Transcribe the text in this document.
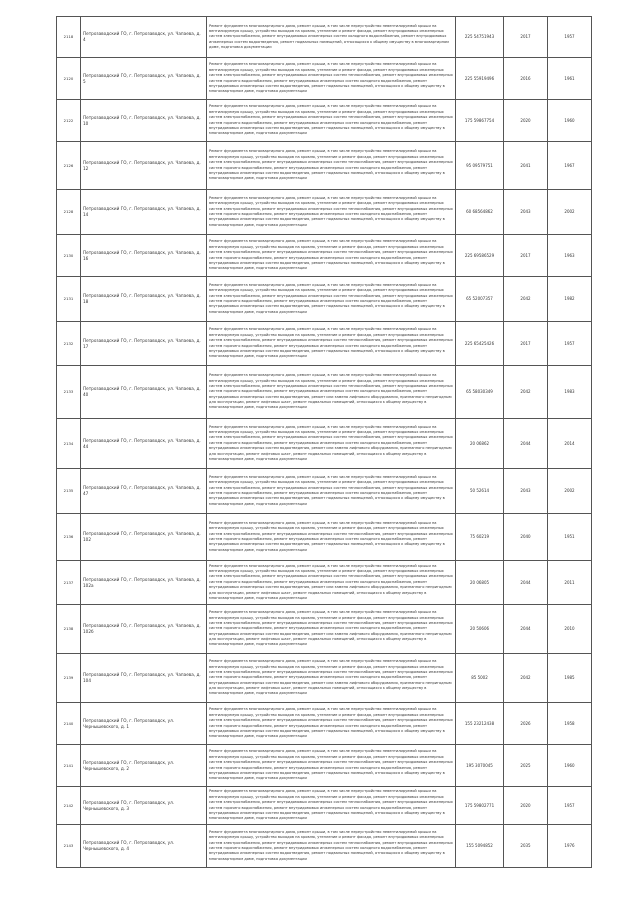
2118	Петрозаводский ГО, г. Петрозаводск, ул. Чапаева, д. 4	Ремонт фундамента многоквартирного дома, ремонт крыши, в том числе переустройство невентилируемой крыши на вентилируемую крышу, устройство выходов на кровлю, утепление и ремонт фасада, ремонт внутридомовых инженерных систем электроснабжения, ремонт внутридомовых инженерных систем холодного водоснабжения, ремонт внутридомовых инженерных систем водоотведения, ремонт подвальных помещений, относящихся к общему имуществу в многоквартирном доме, подготовка документации	225 54751943	2017	1957
2120	Петрозаводский ГО, г. Петрозаводск, ул. Чапаева, д. 5	Ремонт фундамента многоквартирного дома, ремонт крыши, в том числе переустройство невентилируемой крыши на вентилируемую крышу, устройство выходов на кровлю, утепление и ремонт фасада, ремонт внутридомовых инженерных систем электроснабжения, ремонт внутридомовых инженерных систем теплоснабжения, ремонт внутридомовых инженерных систем горячего водоснабжения, ремонт внутридомовых инженерных систем холодного водоснабжения, ремонт внутридомовых инженерных систем водоотведения, ремонт подвальных помещений, относящихся к общему имуществу в многоквартирном доме, подготовка документации	225 55919496	2016	1961
2122	Петрозаводский ГО, г. Петрозаводск, ул. Чапаева, д. 10	Ремонт фундамента многоквартирного дома, ремонт крыши, в том числе переустройство невентилируемой крыши на вентилируемую крышу, устройство выходов на кровлю, утепление и ремонт фасада, ремонт внутридомовых инженерных систем электроснабжения, ремонт внутридомовых инженерных систем теплоснабжения, ремонт внутридомовых инженерных систем горячего водоснабжения, ремонт внутридомовых инженерных систем холодного водоснабжения, ремонт внутридомовых инженерных систем водоотведения, ремонт подвальных помещений, относящихся к общему имуществу в многоквартирном доме, подготовка документации	175 59867754	2020	1960
2126	Петрозаводский ГО, г. Петрозаводск, ул. Чапаева, д. 12	Ремонт фундамента многоквартирного дома, ремонт крыши, в том числе переустройство невентилируемой крыши на вентилируемую крышу, устройство выходов на кровлю, утепление и ремонт фасада, ремонт внутридомовых инженерных систем электроснабжения, ремонт внутридомовых инженерных систем теплоснабжения, ремонт внутридомовых инженерных систем горячего водоснабжения, ремонт внутридомовых инженерных систем холодного водоснабжения, ремонт внутридомовых инженерных систем водоотведения, ремонт подвальных помещений, относящихся к общему имуществу в многоквартирном доме, подготовка документации	95 09579751	2041	1967
2128	Петрозаводский ГО, г. Петрозаводск, ул. Чапаева, д. 14	Ремонт фундамента многоквартирного дома, ремонт крыши, в том числе переустройство невентилируемой крыши на вентилируемую крышу, устройство выходов на кровлю, утепление и ремонт фасада, ремонт внутридомовых инженерных систем электроснабжения, ремонт внутридомовых инженерных систем теплоснабжения, ремонт внутридомовых инженерных систем горячего водоснабжения, ремонт внутридомовых инженерных систем холодного водоснабжения, ремонт внутридомовых инженерных систем водоотведения, ремонт подвальных помещений, относящихся к общему имуществу в многоквартирном доме, подготовка документации	60 68564862	2043	2002
2130	Петрозаводский ГО, г. Петрозаводск, ул. Чапаева, д. 16	Ремонт фундамента многоквартирного дома, ремонт крыши, в том числе переустройство невентилируемой крыши на вентилируемую крышу, устройство выходов на кровлю, утепление и ремонт фасада, ремонт внутридомовых инженерных систем электроснабжения, ремонт внутридомовых инженерных систем теплоснабжения, ремонт внутридомовых инженерных систем горячего водоснабжения, ремонт внутридомовых инженерных систем холодного водоснабжения, ремонт внутридомовых инженерных систем водоотведения, ремонт подвальных помещений, относящихся к общему имуществу в многоквартирном доме, подготовка документации	225 69586529	2017	1963
2131	Петрозаводский ГО, г. Петрозаводск, ул. Чапаева, д. 18	Ремонт фундамента многоквартирного дома, ремонт крыши, в том числе переустройство невентилируемой крыши на вентилируемую крышу, устройство выходов на кровлю, утепление и ремонт фасада, ремонт внутридомовых инженерных систем электроснабжения, ремонт внутридомовых инженерных систем теплоснабжения, ремонт внутридомовых инженерных систем горячего водоснабжения, ремонт внутридомовых инженерных систем холодного водоснабжения, ремонт внутридомовых инженерных систем водоотведения, ремонт подвальных помещений, относящихся к общему имуществу в многоквартирном доме, подготовка документации	65 52007357	2042	1982
2132	Петрозаводский ГО, г. Петрозаводск, ул. Чапаева, д. 17	Ремонт фундамента многоквартирного дома, ремонт крыши, в том числе переустройство невентилируемой крыши на вентилируемую крышу, устройство выходов на кровлю, утепление и ремонт фасада, ремонт внутридомовых инженерных систем электроснабжения, ремонт внутридомовых инженерных систем теплоснабжения, ремонт внутридомовых инженерных систем горячего водоснабжения, ремонт внутридомовых инженерных систем холодного водоснабжения, ремонт внутридомовых инженерных систем водоотведения, ремонт подвальных помещений, относящихся к общему имуществу в многоквартирном доме, подготовка документации	225 65425426	2017	1957
2133	Петрозаводский ГО, г. Петрозаводск, ул. Чапаева, д. 40	Ремонт фундамента многоквартирного дома, ремонт крыши, в том числе переустройство невентилируемой крыши на вентилируемую крышу, устройство выходов на кровлю, утепление и ремонт фасада, ремонт внутридомовых инженерных систем электроснабжения, ремонт внутридомовых инженерных систем теплоснабжения, ремонт внутридомовых инженерных систем горячего водоснабжения, ремонт внутридомовых инженерных систем холодного водоснабжения, ремонт внутридомовых инженерных систем водоотведения, ремонт или замена лифтового оборудования, признанного непригодным для эксплуатации, ремонт лифтовых шахт, ремонт подвальных помещений, относящихся к общему имуществу в многоквартирном доме, подготовка документации	65 58030349	2042	1983
2134	Петрозаводский ГО, г. Петрозаводск, ул. Чапаева, д. 44	Ремонт фундамента многоквартирного дома, ремонт крыши, в том числе переустройство невентилируемой крыши на вентилируемую крышу, устройство выходов на кровлю, утепление и ремонт фасада, ремонт внутридомовых инженерных систем электроснабжения, ремонт внутридомовых инженерных систем теплоснабжения, ремонт внутридомовых инженерных систем горячего водоснабжения, ремонт внутридомовых инженерных систем холодного водоснабжения, ремонт внутридомовых инженерных систем водоотведения, ремонт или замена лифтового оборудования, признанного непригодным для эксплуатации, ремонт лифтовых шахт, ремонт подвальных помещений, относящихся к общему имуществу в многоквартирном доме, подготовка документации	20 06862	2044	2014
2135	Петрозаводский ГО, г. Петрозаводск, ул. Чапаева, д. 47	Ремонт фундамента многоквартирного дома, ремонт крыши, в том числе переустройство невентилируемой крыши на вентилируемую крышу, устройство выходов на кровлю, утепление и ремонт фасада, ремонт внутридомовых инженерных систем электроснабжения, ремонт внутридомовых инженерных систем теплоснабжения, ремонт внутридомовых инженерных систем горячего водоснабжения, ремонт внутридомовых инженерных систем холодного водоснабжения, ремонт внутридомовых инженерных систем водоотведения, ремонт подвальных помещений, относящихся к общему имуществу в многоквартирном доме, подготовка документации	50 52614	2043	2002
2136	Петрозаводский ГО, г. Петрозаводск, ул. Чапаева, д. 102	Ремонт фундамента многоквартирного дома, ремонт крыши, в том числе переустройство невентилируемой крыши на вентилируемую крышу, устройство выходов на кровлю, утепление и ремонт фасада, ремонт внутридомовых инженерных систем электроснабжения, ремонт внутридомовых инженерных систем теплоснабжения, ремонт внутридомовых инженерных систем горячего водоснабжения, ремонт внутридомовых инженерных систем холодного водоснабжения, ремонт внутридомовых инженерных систем водоотведения, ремонт подвальных помещений, относящихся к общему имуществу в многоквартирном доме, подготовка документации	75 60219	2040	1951
2137	Петрозаводский ГО, г. Петрозаводск, ул. Чапаева, д. 102а	Ремонт фундамента многоквартирного дома, ремонт крыши, в том числе переустройство невентилируемой крыши на вентилируемую крышу, устройство выходов на кровлю, утепление и ремонт фасада, ремонт внутридомовых инженерных систем электроснабжения, ремонт внутридомовых инженерных систем теплоснабжения, ремонт внутридомовых инженерных систем горячего водоснабжения, ремонт внутридомовых инженерных систем холодного водоснабжения, ремонт внутридомовых инженерных систем водоотведения, ремонт или замена лифтового оборудования, признанного непригодным для эксплуатации, ремонт лифтовых шахт, ремонт подвальных помещений, относящихся к общему имуществу в многоквартирном доме, подготовка документации	20 06805	2044	2011
2138	Петрозаводский ГО, г. Петрозаводск, ул. Чапаева, д. 102б	Ремонт фундамента многоквартирного дома, ремонт крыши, в том числе переустройство невентилируемой крыши на вентилируемую крышу, устройство выходов на кровлю, утепление и ремонт фасада, ремонт внутридомовых инженерных систем электроснабжения, ремонт внутридомовых инженерных систем теплоснабжения, ремонт внутридомовых инженерных систем горячего водоснабжения, ремонт внутридомовых инженерных систем холодного водоснабжения, ремонт внутридомовых инженерных систем водоотведения, ремонт или замена лифтового оборудования, признанного непригодным для эксплуатации, ремонт лифтовых шахт, ремонт подвальных помещений, относящихся к общему имуществу в многоквартирном доме, подготовка документации	20 50606	2044	2010
2139	Петрозаводский ГО, г. Петрозаводск, ул. Чапаева, д. 104	Ремонт фундамента многоквартирного дома, ремонт крыши, в том числе переустройство невентилируемой крыши на вентилируемую крышу, устройство выходов на кровлю, утепление и ремонт фасада, ремонт внутридомовых инженерных систем электроснабжения, ремонт внутридомовых инженерных систем теплоснабжения, ремонт внутридомовых инженерных систем горячего водоснабжения, ремонт внутридомовых инженерных систем холодного водоснабжения, ремонт внутридомовых инженерных систем водоотведения, ремонт или замена лифтового оборудования, признанного непригодным для эксплуатации, ремонт лифтовых шахт, ремонт подвальных помещений, относящихся к общему имуществу в многоквартирном доме, подготовка документации	85 5002	2042	1985
2140	Петрозаводский ГО, г. Петрозаводск, ул. Чернышевского, д. 1	Ремонт фундамента многоквартирного дома, ремонт крыши, в том числе переустройство невентилируемой крыши на вентилируемую крышу, устройство выходов на кровлю, утепление и ремонт фасада, ремонт внутридомовых инженерных систем электроснабжения, ремонт внутридомовых инженерных систем теплоснабжения, ремонт внутридомовых инженерных систем горячего водоснабжения, ремонт внутридомовых инженерных систем холодного водоснабжения, ремонт внутридомовых инженерных систем водоотведения, ремонт подвальных помещений, относящихся к общему имуществу в многоквартирном доме, подготовка документации	155 23212438	2026	1958
2141	Петрозаводский ГО, г. Петрозаводск, ул. Чернышевского, д. 2	Ремонт фундамента многоквартирного дома, ремонт крыши, в том числе переустройство невентилируемой крыши на вентилируемую крышу, устройство выходов на кровлю, утепление и ремонт фасада, ремонт внутридомовых инженерных систем электроснабжения, ремонт внутридомовых инженерных систем теплоснабжения, ремонт внутридомовых инженерных систем горячего водоснабжения, ремонт внутридомовых инженерных систем холодного водоснабжения, ремонт внутридомовых инженерных систем водоотведения, ремонт подвальных помещений, относящихся к общему имуществу в многоквартирном доме, подготовка документации	195 3070045	2025	1960
2142	Петрозаводский ГО, г. Петрозаводск, ул. Чернышевского, д. 3	Ремонт фундамента многоквартирного дома, ремонт крыши, в том числе переустройство невентилируемой крыши на вентилируемую крышу, устройство выходов на кровлю, утепление и ремонт фасада, ремонт внутридомовых инженерных систем электроснабжения, ремонт внутридомовых инженерных систем теплоснабжения, ремонт внутридомовых инженерных систем горячего водоснабжения, ремонт внутридомовых инженерных систем холодного водоснабжения, ремонт внутридомовых инженерных систем водоотведения, ремонт подвальных помещений, относящихся к общему имуществу в многоквартирном доме, подготовка документации	175 59802771	2020	1957
2143	Петрозаводский ГО, г. Петрозаводск, ул. Чернышевского, д. 4	Ремонт фундамента многоквартирного дома, ремонт крыши, в том числе переустройство невентилируемой крыши на вентилируемую крышу, устройство выходов на кровлю, утепление и ремонт фасада, ремонт внутридомовых инженерных систем электроснабжения, ремонт внутридомовых инженерных систем теплоснабжения, ремонт внутридомовых инженерных систем горячего водоснабжения, ремонт внутридомовых инженерных систем холодного водоснабжения, ремонт внутридомовых инженерных систем водоотведения, ремонт подвальных помещений, относящихся к общему имуществу в многоквартирном доме, подготовка документации	155 5094852	2035	1976
